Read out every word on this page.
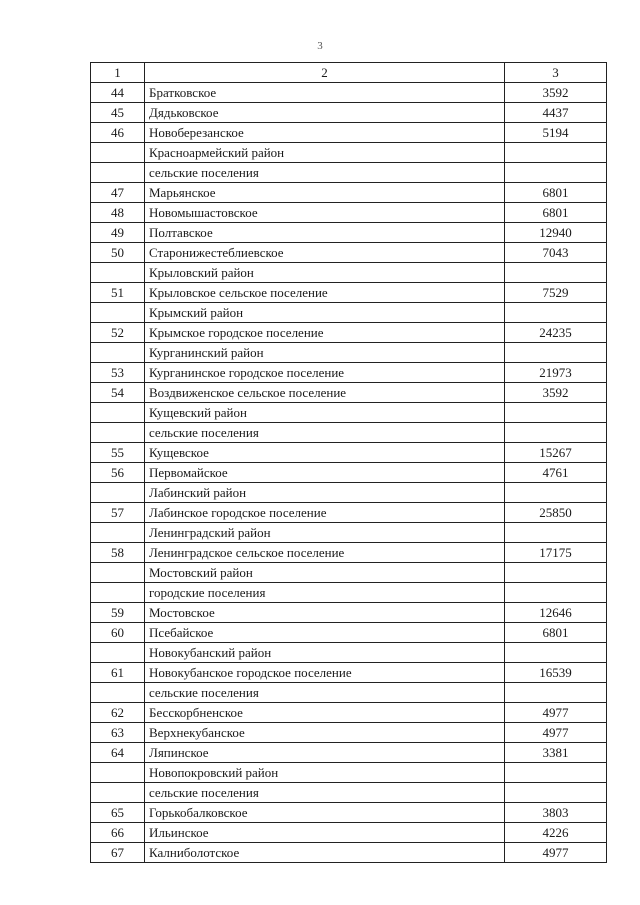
3
1	2	3
44	Братковское	3592
45	Дядьковское	4437
46	Новоберезанское	5194
	Красноармейский район	
	сельские поселения	
47	Марьянское	6801
48	Новомышастовское	6801
49	Полтавское	12940
50	Старонижестеблиевское	7043
	Крыловский район	
51	Крыловское сельское поселение	7529
	Крымский район	
52	Крымское городское поселение	24235
	Курганинский район	
53	Курганинское городское поселение	21973
54	Воздвиженское сельское поселение	3592
	Кущевский район	
	сельские поселения	
55	Кущевское	15267
56	Первомайское	4761
	Лабинский район	
57	Лабинское городское поселение	25850
	Ленинградский район	
58	Ленинградское сельское поселение	17175
	Мостовский район	
	городские поселения	
59	Мостовское	12646
60	Псебайское	6801
	Новокубанский район	
61	Новокубанское городское поселение	16539
	сельские поселения	
62	Бесскорбненское	4977
63	Верхнекубанское	4977
64	Ляпинское	3381
	Новопокровский район	
	сельские поселения	
65	Горькобалковское	3803
66	Ильинское	4226
67	Калниболотское	4977
